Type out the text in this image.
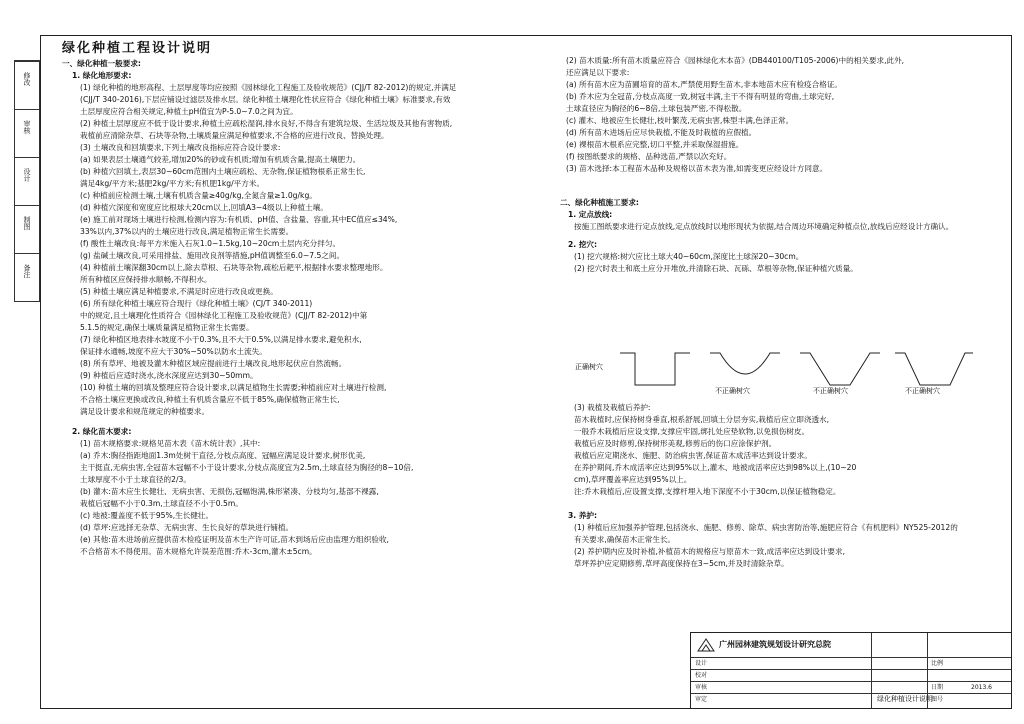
修改
审核
设计
制图
备注

绿化种植工程设计说明

一、绿化种植一般要求:

1. 绿化地形要求:

(1) 绿化种植的地形高程、土层厚度等均应按照《园林绿化工程施工及验收规范》(CJJ/T 82-2012)的规定,并满足

(CJJ/T 340-2016),下层应铺设过滤层及排水层。绿化种植土壤理化性状应符合《绿化种植土壤》标准要求,有效

土层厚度应符合相关规定,种植土pH值宜为P-5.0~7.0之间为宜。

(2) 种植土层厚度应不低于设计要求,种植土应疏松湿润,排水良好,不得含有建筑垃圾、生活垃圾及其他有害物质,

栽植前应清除杂草、石块等杂物,土壤质量应满足种植要求,不合格的应进行改良、替换处理。

(3) 土壤改良和回填要求,下列土壤改良指标应符合设计要求:

(a) 如果表层土壤通气较差,增加20%的砂或有机质;增加有机质含量,提高土壤肥力。

(b) 种植穴回填土,表层30~60cm范围内土壤应疏松、无杂物,保证植物根系正常生长,

满足4kg/平方米;基肥2kg/平方米;有机肥1kg/平方米。

(c) 种植前应检测土壤,土壤有机质含量≥40g/kg,全氮含量≥1.0g/kg。

(d) 种植穴深度和宽度应比根球大20cm以上,回填A3~4级以上种植土壤。

(e) 施工前对现场土壤进行检测,检测内容为:有机质、pH值、含盐量、容重,其中EC值应≤34%,

33%以内,37%以内的土壤应进行改良,满足植物正常生长需要。

(f) 酸性土壤改良:每平方米施入石灰1.0~1.5kg,10~20cm土层内充分拌匀。

(g) 盐碱土壤改良,可采用排盐、施用改良剂等措施,pH值调整至6.0~7.5之间。

(4) 种植前土壤深翻30cm以上,除去草根、石块等杂物,疏松后耙平,根据排水要求整理地形。

所有种植区应保持排水顺畅,不得积水。

(5) 种植土壤应满足种植要求,不满足时应进行改良或更换。

(6) 所有绿化种植土壤应符合现行《绿化种植土壤》(CJ/T 340-2011)

中的规定,且土壤理化性质符合《园林绿化工程施工及验收规范》(CJJ/T 82-2012)中第

5.1.5的规定,确保土壤质量满足植物正常生长需要。

(7) 绿化种植区地表排水坡度不小于0.3%,且不大于0.5%,以满足排水要求,避免积水,

保证排水通畅,坡度不应大于30%~50%以防水土流失。

(8) 所有草坪、地被及灌木种植区域应提前进行土壤改良,地形起伏应自然流畅。

(9) 种植后应适时浇水,浇水深度应达到30~50mm。

(10) 种植土壤的回填及整理应符合设计要求,以满足植物生长需要;种植前应对土壤进行检测,

不合格土壤应更换或改良,种植土有机质含量应不低于85%,确保植物正常生长,

满足设计要求和规范规定的种植要求。

2. 绿化苗木要求:

(1) 苗木规格要求:规格见苗木表《苗木统计表》,其中:

(a) 乔木:胸径指距地面1.3m处树干直径,分枝点高度、冠幅应满足设计要求,树形优美,

主干挺直,无病虫害,全冠苗木冠幅不小于设计要求,分枝点高度宜为2.5m,土球直径为胸径的8~10倍,

土球厚度不小于土球直径的2/3。

(b) 灌木:苗木应生长健壮、无病虫害、无损伤,冠幅饱满,株形紧凑、分枝均匀,基部不裸露,

栽植后冠幅不小于0.3m,土球直径不小于0.5m。

(c) 地被:覆盖度不低于95%,生长健壮。

(d) 草坪:应选择无杂草、无病虫害、生长良好的草块进行铺植。

(e) 其他:苗木进场前应提供苗木检疫证明及苗木生产许可证,苗木到场后应由监理方组织验收,

不合格苗木不得使用。苗木规格允许误差范围:乔木-3cm,灌木±5cm。

(2) 苗木质量:所有苗木质量应符合《园林绿化木本苗》(DB440100/T105-2006)中的相关要求,此外,

还应满足以下要求:

(a) 所有苗木应为苗圃培育的苗木,严禁使用野生苗木,非本地苗木应有检疫合格证。

(b) 乔木应为全冠苗,分枝点高度一致,树冠丰满,主干不得有明显的弯曲,土球完好,

土球直径应为胸径的6~8倍,土球包装严密,不得松散。

(c) 灌木、地被应生长健壮,枝叶繁茂,无病虫害,株型丰满,色泽正常。

(d) 所有苗木进场后应尽快栽植,不能及时栽植的应假植。

(e) 裸根苗木根系应完整,切口平整,并采取保湿措施。

(f) 按图纸要求的规格、品种选苗,严禁以次充好。

(3) 苗木选择:本工程苗木品种及规格以苗木表为准,如需变更应经设计方同意。

二、绿化种植施工要求:

1. 定点放线:

按施工图纸要求进行定点放线,定点放线时以地形现状为依据,结合周边环境确定种植点位,放线后应经设计方确认。

2. 挖穴:

(1) 挖穴规格:树穴应比土球大40~60cm,深度比土球深20~30cm。

(2) 挖穴时表土和底土应分开堆放,并清除石块、瓦砾、草根等杂物,保证种植穴质量。

正确树穴
不正确树穴	不正确树穴	不正确树穴

(3) 栽植及栽植后养护:

苗木栽植时,应保持树身垂直,根系舒展,回填土分层夯实,栽植后应立即浇透水,

一般乔木栽植后应设支撑,支撑应牢固,绑扎处应垫软物,以免损伤树皮。

栽植后应及时修剪,保持树形美观,修剪后的伤口应涂保护剂。

栽植后应定期浇水、施肥、防治病虫害,保证苗木成活率达到设计要求。

在养护期间,乔木成活率应达到95%以上,灌木、地被成活率应达到98%以上,(10~20

cm),草坪覆盖率应达到95%以上。

注:乔木栽植后,应设置支撑,支撑杆埋入地下深度不小于30cm,以保证植物稳定。

3. 养护:

(1) 种植后应加强养护管理,包括浇水、施肥、修剪、除草、病虫害防治等,施肥应符合《有机肥料》NY525-2012的

有关要求,确保苗木正常生长。

(2) 养护期内应及时补植,补植苗木的规格应与原苗木一致,成活率应达到设计要求,

草坪养护应定期修剪,草坪高度保持在3~5cm,并及时清除杂草。

广州园林建筑规划设计研究总院
设计
校对
审核
审定	绿化种植设计说明
比例
日期	2013.6
图号
